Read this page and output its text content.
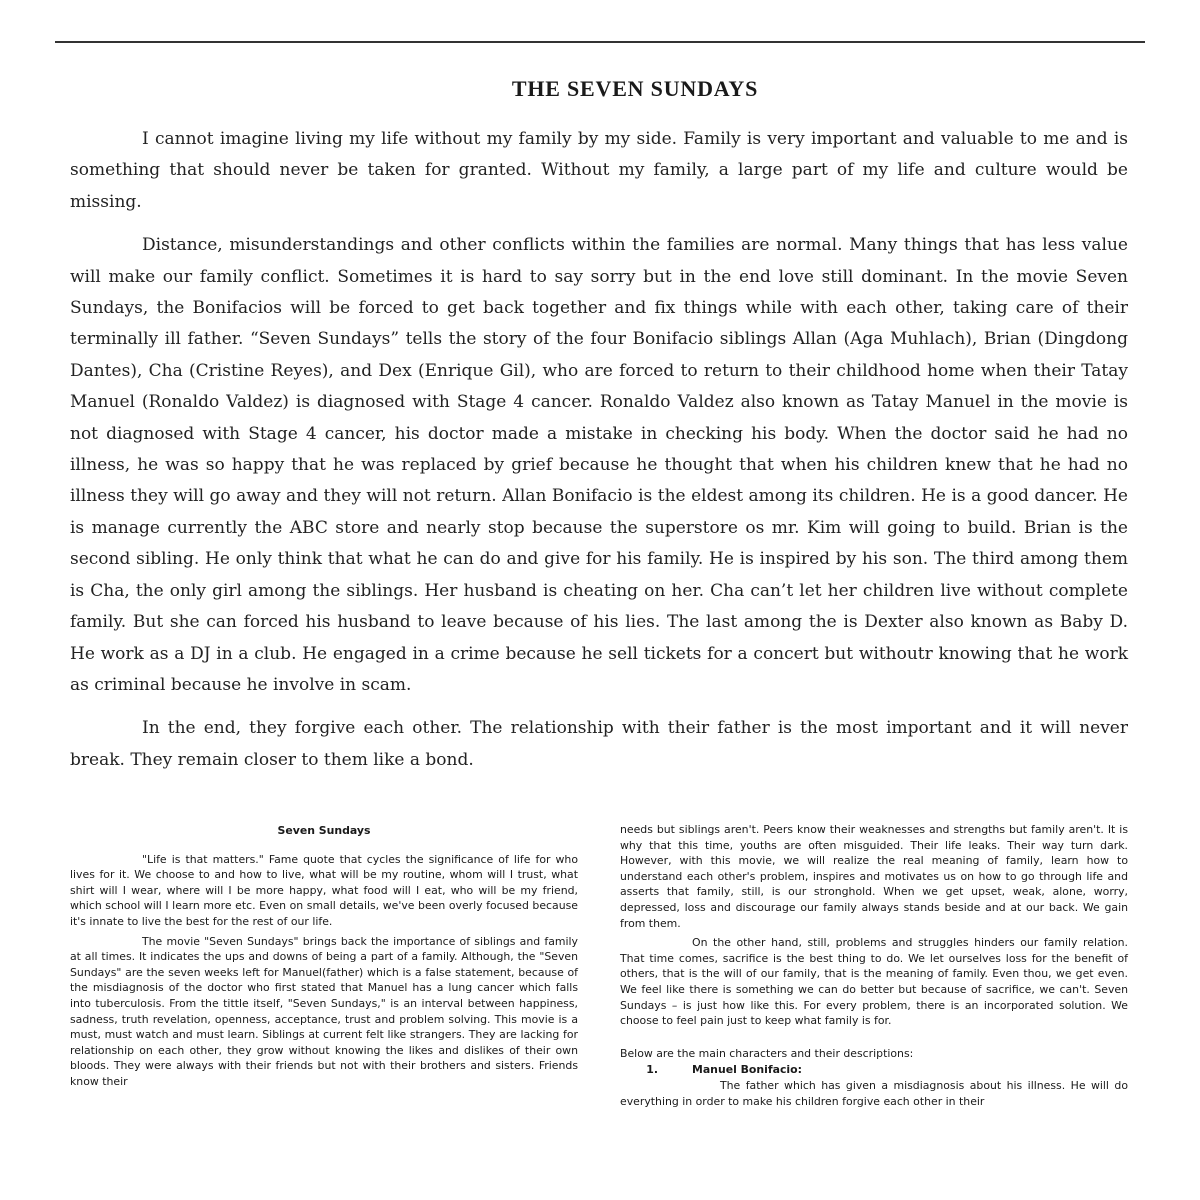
THE SEVEN SUNDAYS

I cannot imagine living my life without my family by my side. Family is very important and valuable to me and is something that should never be taken for granted. Without my family, a large part of my life and culture would be missing.

Distance, misunderstandings and other conflicts within the families are normal. Many things that has less value will make our family conflict. Sometimes it is hard to say sorry but in the end love still dominant. In the movie Seven Sundays, the Bonifacios will be forced to get back together and fix things while with each other, taking care of their terminally ill father. “Seven Sundays” tells the story of the four Bonifacio siblings Allan (Aga Muhlach), Brian (Dingdong Dantes), Cha (Cristine Reyes), and Dex (Enrique Gil), who are forced to return to their childhood home when their Tatay Manuel (Ronaldo Valdez) is diagnosed with Stage 4 cancer. Ronaldo Valdez also known as Tatay Manuel in the movie is not diagnosed with Stage 4 cancer, his doctor made a mistake in checking his body. When the doctor said he had no illness, he was so happy that he was replaced by grief because he thought that when his children knew that he had no illness they will go away and they will not return. Allan Bonifacio is the eldest among its children. He is a good dancer. He is manage currently the ABC store and nearly stop because the superstore os mr. Kim will going to build. Brian is the second sibling. He only think that what he can do and give for his family. He is inspired by his son. The third among them is Cha, the only girl among the siblings. Her husband is cheating on her. Cha can’t let her children live without complete family. But she can forced his husband to leave because of his lies. The last among the is Dexter also known as Baby D. He work as a DJ in a club. He engaged in a crime because he sell tickets for a concert but withoutr knowing that he work as criminal because he involve in scam.

In the end, they forgive each other. The relationship with their father is the most important and it will never break. They remain closer to them like a bond.

Seven Sundays

"Life is that matters." Fame quote that cycles the significance of life for who lives for it. We choose to and how to live, what will be my routine, whom will I trust, what shirt will I wear, where will I be more happy, what food will I eat, who will be my friend, which school will I learn more etc. Even on small details, we've been overly focused because it's innate to live the best for the rest of our life.

The movie "Seven Sundays" brings back the importance of siblings and family at all times. It indicates the ups and downs of being a part of a family. Although, the "Seven Sundays" are the seven weeks left for Manuel(father) which is a false statement, because of the misdiagnosis of the doctor who first stated that Manuel has a lung cancer which falls into tuberculosis. From the tittle itself, "Seven Sundays," is an interval between happiness, sadness, truth revelation, openness, acceptance, trust and problem solving. This movie is a must, must watch and must learn. Siblings at current felt like strangers. They are lacking for relationship on each other, they grow without knowing the likes and dislikes of their own bloods. They were always with their friends but not with their brothers and sisters. Friends know their

needs but siblings aren't. Peers know their weaknesses and strengths but family aren't. It is why that this time, youths are often misguided. Their life leaks. Their way turn dark. However, with this movie, we will realize the real meaning of family, learn how to understand each other's problem, inspires and motivates us on how to go through life and asserts that family, still, is our stronghold. When we get upset, weak, alone, worry, depressed, loss and discourage our family always stands beside and at our back. We gain from them.

On the other hand, still, problems and struggles hinders our family relation. That time comes, sacrifice is the best thing to do. We let ourselves loss for the benefit of others, that is the will of our family, that is the meaning of family. Even thou, we get even. We feel like there is something we can do better but because of sacrifice, we can't. Seven Sundays – is just how like this. For every problem, there is an incorporated solution. We choose to feel pain just to keep what family is for.

Below are the main characters and their descriptions:

1.	Manuel Bonifacio:

The father which has given a misdiagnosis about his illness. He will do everything in order to make his children forgive each other in their
